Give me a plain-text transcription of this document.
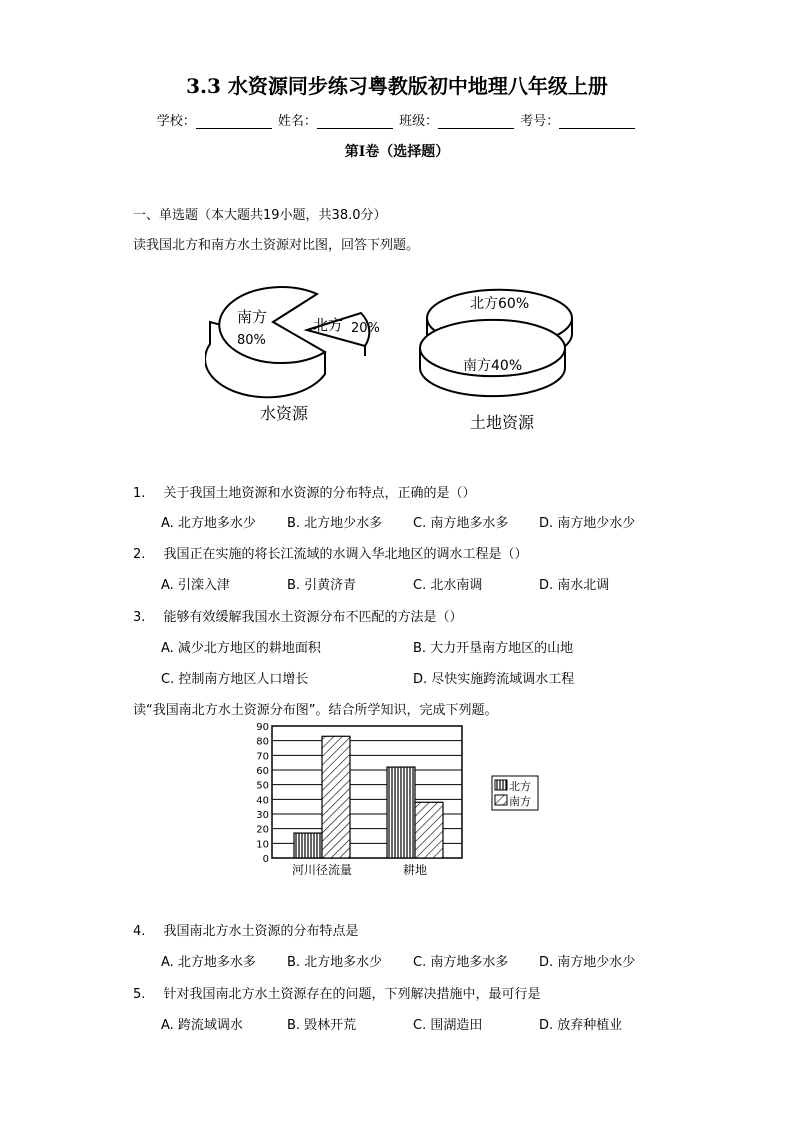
3.3 水资源同步练习粤教版初中地理八年级上册
学校：	姓名：	班级：	考号：
第I卷（选择题）
一、单选题（本大题共19小题，共38.0分）
读我国北方和南方水土资源对比图，回答下列题。
南方
80%
北方 20%
水资源
北方60%
南方40%
土地资源
1. 关于我国土地资源和水资源的分布特点，正确的是（）
A. 北方地多水少 B. 北方地少水多 C. 南方地多水多 D. 南方地少水少
2. 我国正在实施的将长江流域的水调入华北地区的调水工程是（）
A. 引滦入津	B. 引黄济青	C. 北水南调	D. 南水北调
3. 能够有效缓解我国水土资源分布不匹配的方法是（）
A. 减少北方地区的耕地面积	B. 大力开垦南方地区的山地
C. 控制南方地区人口增长	D. 尽快实施跨流域调水工程
读“我国南北方水土资源分布图”。结合所学知识，完成下列题。
0
10
20
30
40
50
60
70
80
90
河川径流量	耕地
北方
南方
4. 我国南北方水土资源的分布特点是
A. 北方地多水多 B. 北方地多水少 C. 南方地多水多 D. 南方地少水少
5. 针对我国南北方水土资源存在的问题，下列解决措施中，最可行是
A. 跨流域调水	B. 毁林开荒	C. 围湖造田	D. 放弃种植业
